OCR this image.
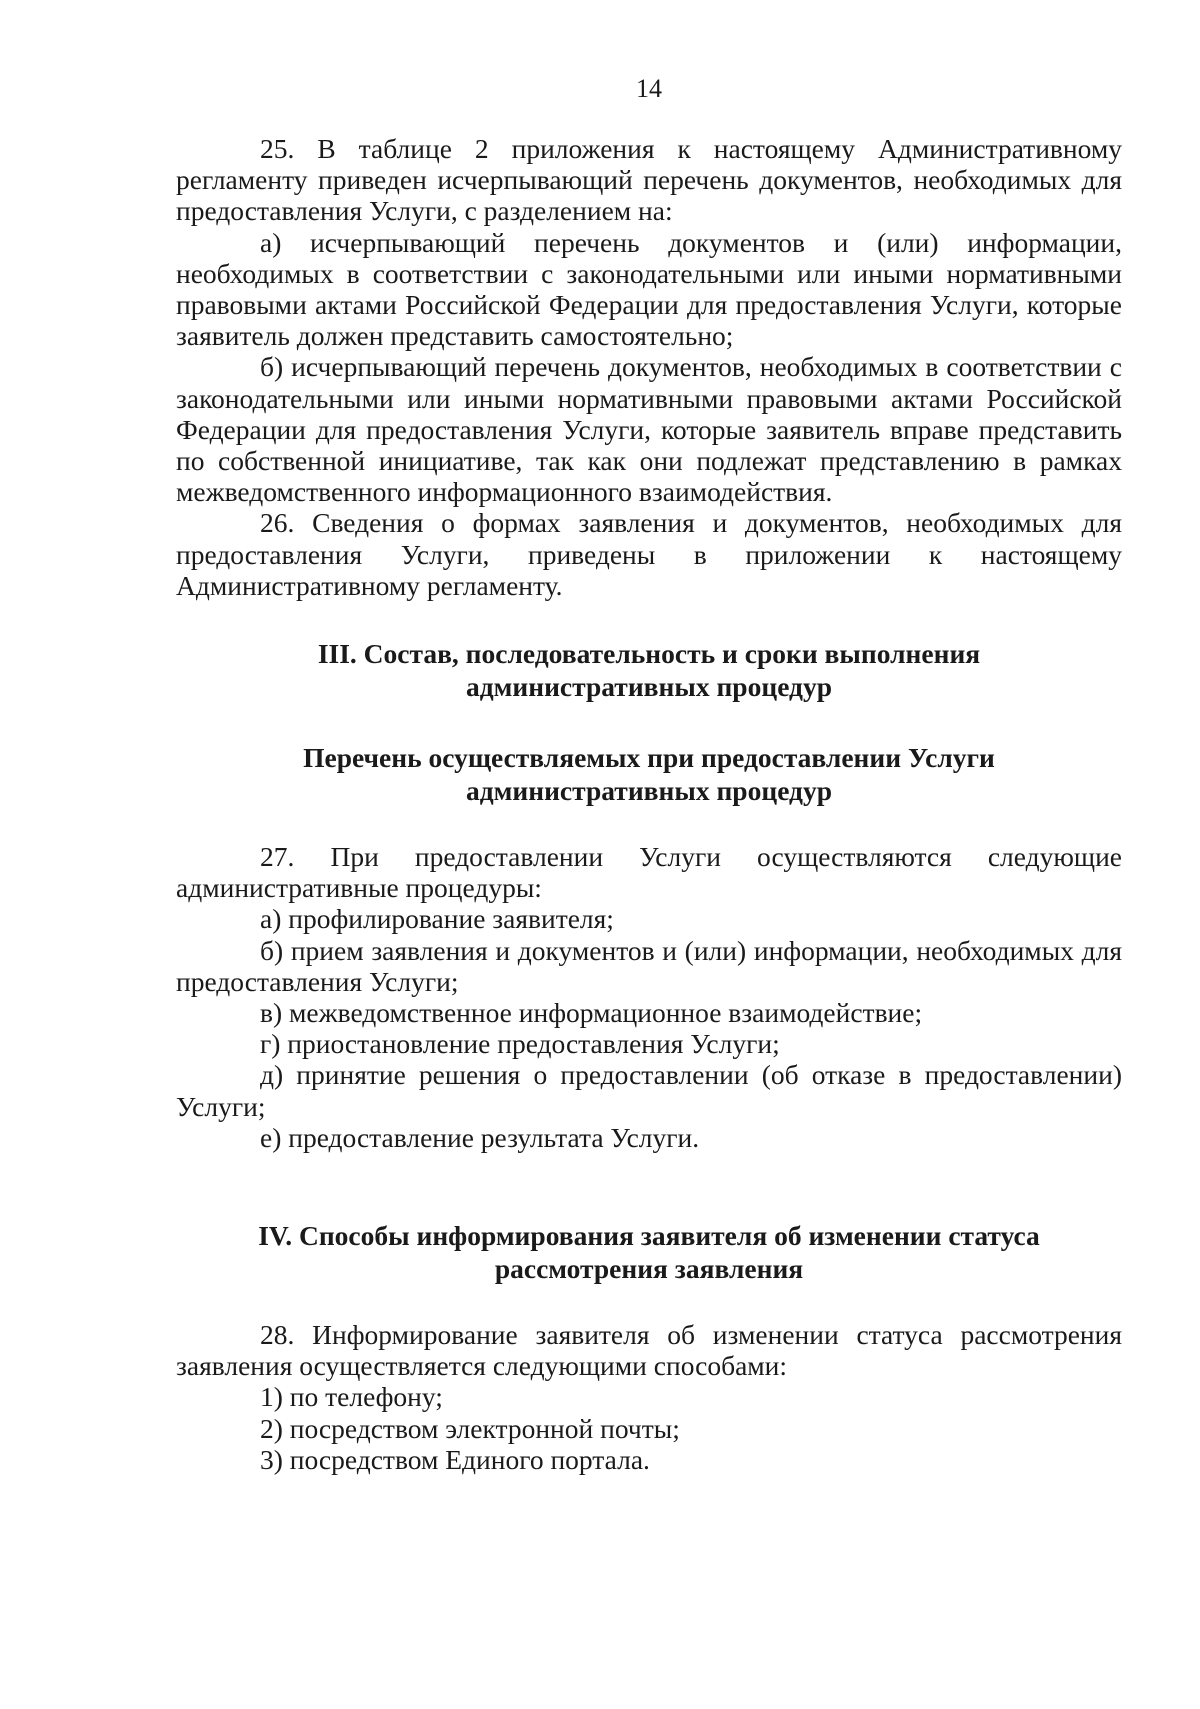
14

25. В таблице 2 приложения к настоящему Административному регламенту приведен исчерпывающий перечень документов, необходимых для предоставления Услуги, с разделением на:

а) исчерпывающий перечень документов и (или) информации, необходимых в соответствии с законодательными или иными нормативными правовыми актами Российской Федерации для предоставления Услуги, которые заявитель должен представить самостоятельно;

б) исчерпывающий перечень документов, необходимых в соответствии с законодательными или иными нормативными правовыми актами Российской Федерации для предоставления Услуги, которые заявитель вправе представить по собственной инициативе, так как они подлежат представлению в рамках межведомственного информационного взаимодействия.

26. Сведения о формах заявления и документов, необходимых для предоставления Услуги, приведены в приложении к настоящему Административному регламенту.

III. Состав, последовательность и сроки выполнения
административных процедур
Перечень осуществляемых при предоставлении Услуги
административных процедур

27. При предоставлении Услуги осуществляются следующие административные процедуры:

а) профилирование заявителя;

б) прием заявления и документов и (или) информации, необходимых для предоставления Услуги;

в) межведомственное информационное взаимодействие;

г) приостановление предоставления Услуги;

д) принятие решения о предоставлении (об отказе в предоставлении) Услуги;

е) предоставление результата Услуги.

IV. Способы информирования заявителя об изменении статуса
рассмотрения заявления

28. Информирование заявителя об изменении статуса рассмотрения заявления осуществляется следующими способами:

1) по телефону;

2) посредством электронной почты;

3) посредством Единого портала.
